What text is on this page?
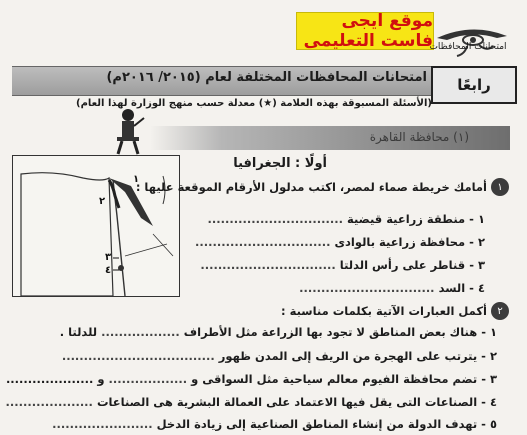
موقع ايجى فاست التعليمى
امتحانات المحافظات
امتحانات المحافظات المختلفة لعام (٢٠١٥/ ٢٠١٦م) رابعًا
(الأسئلة المسبوقة بهذه العلامة (★) معدلة حسب منهج الوزارة لهذا العام)
(١) محافظة القاهرة
أولًا : الجغرافيا
١
٢
٣
٤
١
أمامك خريطة صماء لمصر، اكتب مدلول الأرقام الموقعة عليها :
١ - منطقة زراعية قيضية ...............................
٢ - محافظة زراعية بالوادى ...............................
٣ - قناطر على رأس الدلتا ...............................
٤ - السد ...............................
٢
أكمل العبارات الآتية بكلمات مناسبة :
١ - هناك بعض المناطق لا تجود بها الزراعة مثل الأطراف .................. للدلتا .
٢ - يترتب على الهجرة من الريف إلى المدن ظهور ...................................
٣ - تضم محافظة الفيوم معالم سياحية مثل السواقى و .................. و ....................
٤ - الصناعات التى يقل فيها الاعتماد على العمالة البشرية هى الصناعات ....................
٥ - تهدف الدولة من إنشاء المناطق الصناعية إلى زيادة الدخل .......................
